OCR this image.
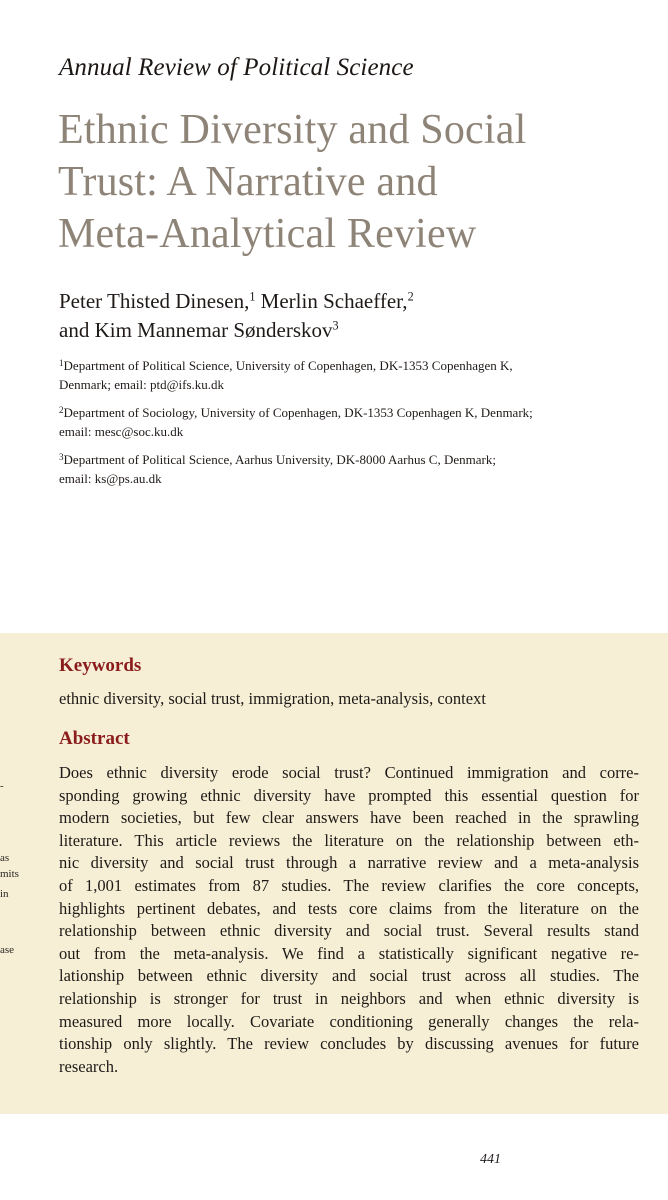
Annual Review of Political Science
Ethnic Diversity and Social
Trust: A Narrative and
Meta-Analytical Review
Peter Thisted Dinesen,$^1$ Merlin Schaeffer,$^2$
and Kim Mannemar Sønderskov$^3$
$^1$Department of Political Science, University of Copenhagen, DK-1353 Copenhagen K,
Denmark; email: ptd@ifs.ku.dk
$^2$Department of Sociology, University of Copenhagen, DK-1353 Copenhagen K, Denmark;
email: mesc@soc.ku.dk
$^3$Department of Political Science, Aarhus University, DK-8000 Aarhus C, Denmark;
email: ks@ps.au.dk
Keywords
ethnic diversity, social trust, immigration, meta-analysis, context
Abstract
Does ethnic diversity erode social trust? Continued immigration and corre-
sponding growing ethnic diversity have prompted this essential question for
modern societies, but few clear answers have been reached in the sprawling
literature. This article reviews the literature on the relationship between eth-
nic diversity and social trust through a narrative review and a meta-analysis
of 1,001 estimates from 87 studies. The review clarifies the core concepts,
highlights pertinent debates, and tests core claims from the literature on the
relationship between ethnic diversity and social trust. Several results stand
out from the meta-analysis. We find a statistically significant negative re-
lationship between ethnic diversity and social trust across all studies. The
relationship is stronger for trust in neighbors and when ethnic diversity is
measured more locally. Covariate conditioning generally changes the rela-
tionship only slightly. The review concludes by discussing avenues for future
research.
-
as
mits
in
ase
441
